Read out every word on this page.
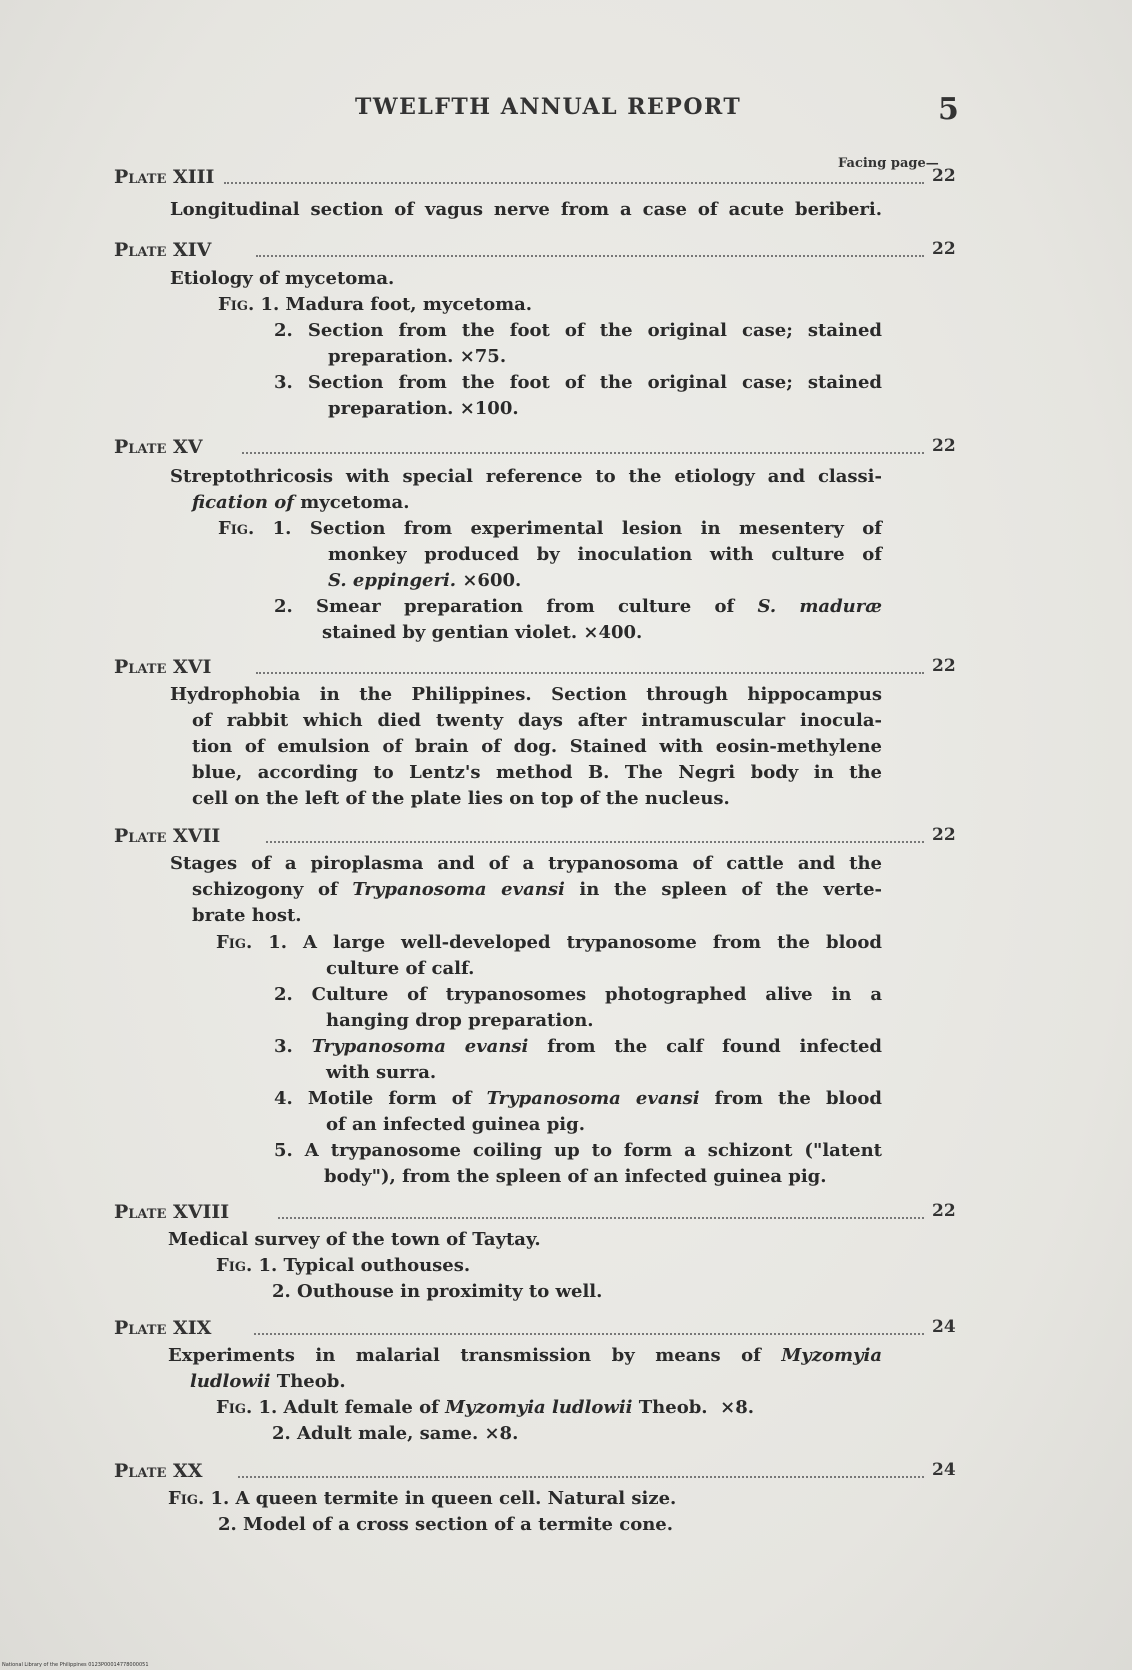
TWELFTH ANNUAL REPORT	5
Facing page—
Plate XIII	22
Longitudinal section of vagus nerve from a case of acute beriberi.
Plate XIV	22
Etiology of mycetoma.
Fig. 1. Madura foot, mycetoma.
2. Section from the foot of the original case; stained
preparation. ×75.
3. Section from the foot of the original case; stained
preparation. ×100.
Plate XV	22
Streptothricosis with special reference to the etiology and classi-
fication of mycetoma.
Fig. 1. Section from experimental lesion in mesentery of
monkey produced by inoculation with culture of
S. eppingeri. ×600.
2. Smear preparation from culture of S. maduræ
stained by gentian violet. ×400.
Plate XVI	22
Hydrophobia in the Philippines. Section through hippocampus
of rabbit which died twenty days after intramuscular inocula-
tion of emulsion of brain of dog. Stained with eosin-methylene
blue, according to Lentz's method B. The Negri body in the
cell on the left of the plate lies on top of the nucleus.
Plate XVII	22
Stages of a piroplasma and of a trypanosoma of cattle and the
schizogony of Trypanosoma evansi in the spleen of the verte-
brate host.
Fig. 1. A large well-developed trypanosome from the blood
culture of calf.
2. Culture of trypanosomes photographed alive in a
hanging drop preparation.
3. Trypanosoma evansi from the calf found infected
with surra.
4. Motile form of Trypanosoma evansi from the blood
of an infected guinea pig.
5. A trypanosome coiling up to form a schizont ("latent
body"), from the spleen of an infected guinea pig.
Plate XVIII	22
Medical survey of the town of Taytay.
Fig. 1. Typical outhouses.
2. Outhouse in proximity to well.
Plate XIX	24
Experiments in malarial transmission by means of Myzomyia
ludlowii Theob.
Fig. 1. Adult female of Myzomyia ludlowii Theob.  ×8.
2. Adult male, same. ×8.
Plate XX	24
Fig. 1. A queen termite in queen cell. Natural size.
2. Model of a cross section of a termite cone.
National Library of the Philippines 0123P00014778000051
